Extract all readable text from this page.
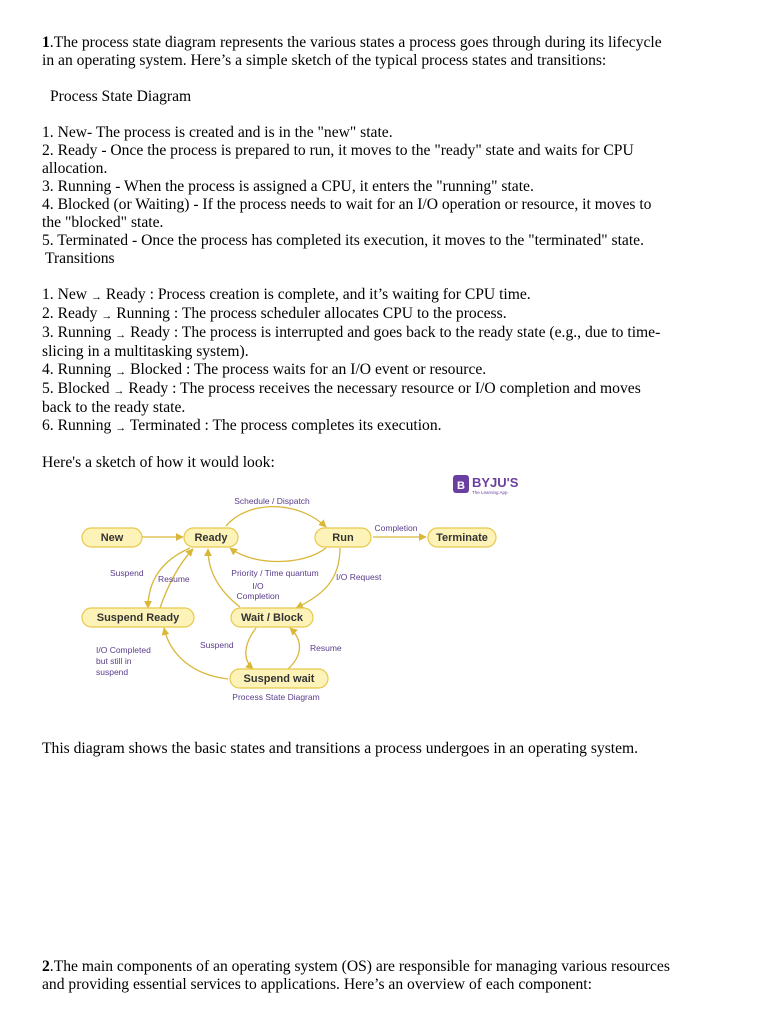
1.The process state diagram represents the various states a process goes through during its lifecycle
in an operating system. Here’s a simple sketch of the typical process states and transitions:
Process State Diagram
1. New- The process is created and is in the "new" state.
2. Ready - Once the process is prepared to run, it moves to the "ready" state and waits for CPU
allocation.
3. Running - When the process is assigned a CPU, it enters the "running" state.
4. Blocked (or Waiting) - If the process needs to wait for an I/O operation or resource, it moves to
the "blocked" state.
5. Terminated - Once the process has completed its execution, it moves to the "terminated" state.
Transitions
1. New → Ready : Process creation is complete, and it’s waiting for CPU time.
2. Ready → Running : The process scheduler allocates CPU to the process.
3. Running → Ready : The process is interrupted and goes back to the ready state (e.g., due to time-
slicing in a multitasking system).
4. Running → Blocked : The process waits for an I/O event or resource.
5. Blocked → Ready : The process receives the necessary resource or I/O completion and moves
back to the ready state.
6. Running → Terminated : The process completes its execution.
Here's a sketch of how it would look:
B BYJU'S
The Learning App
New	Ready	Run	Terminate
Suspend Ready	Wait / Block
Suspend wait
Schedule / Dispatch
Completion
Suspend
Resume
Priority / Time quantum
I/O
Completion
I/O Request
Suspend	Resume
I/O Completed
but still in
suspend
Process State Diagram
This diagram shows the basic states and transitions a process undergoes in an operating system.
2.The main components of an operating system (OS) are responsible for managing various resources
and providing essential services to applications. Here’s an overview of each component:
